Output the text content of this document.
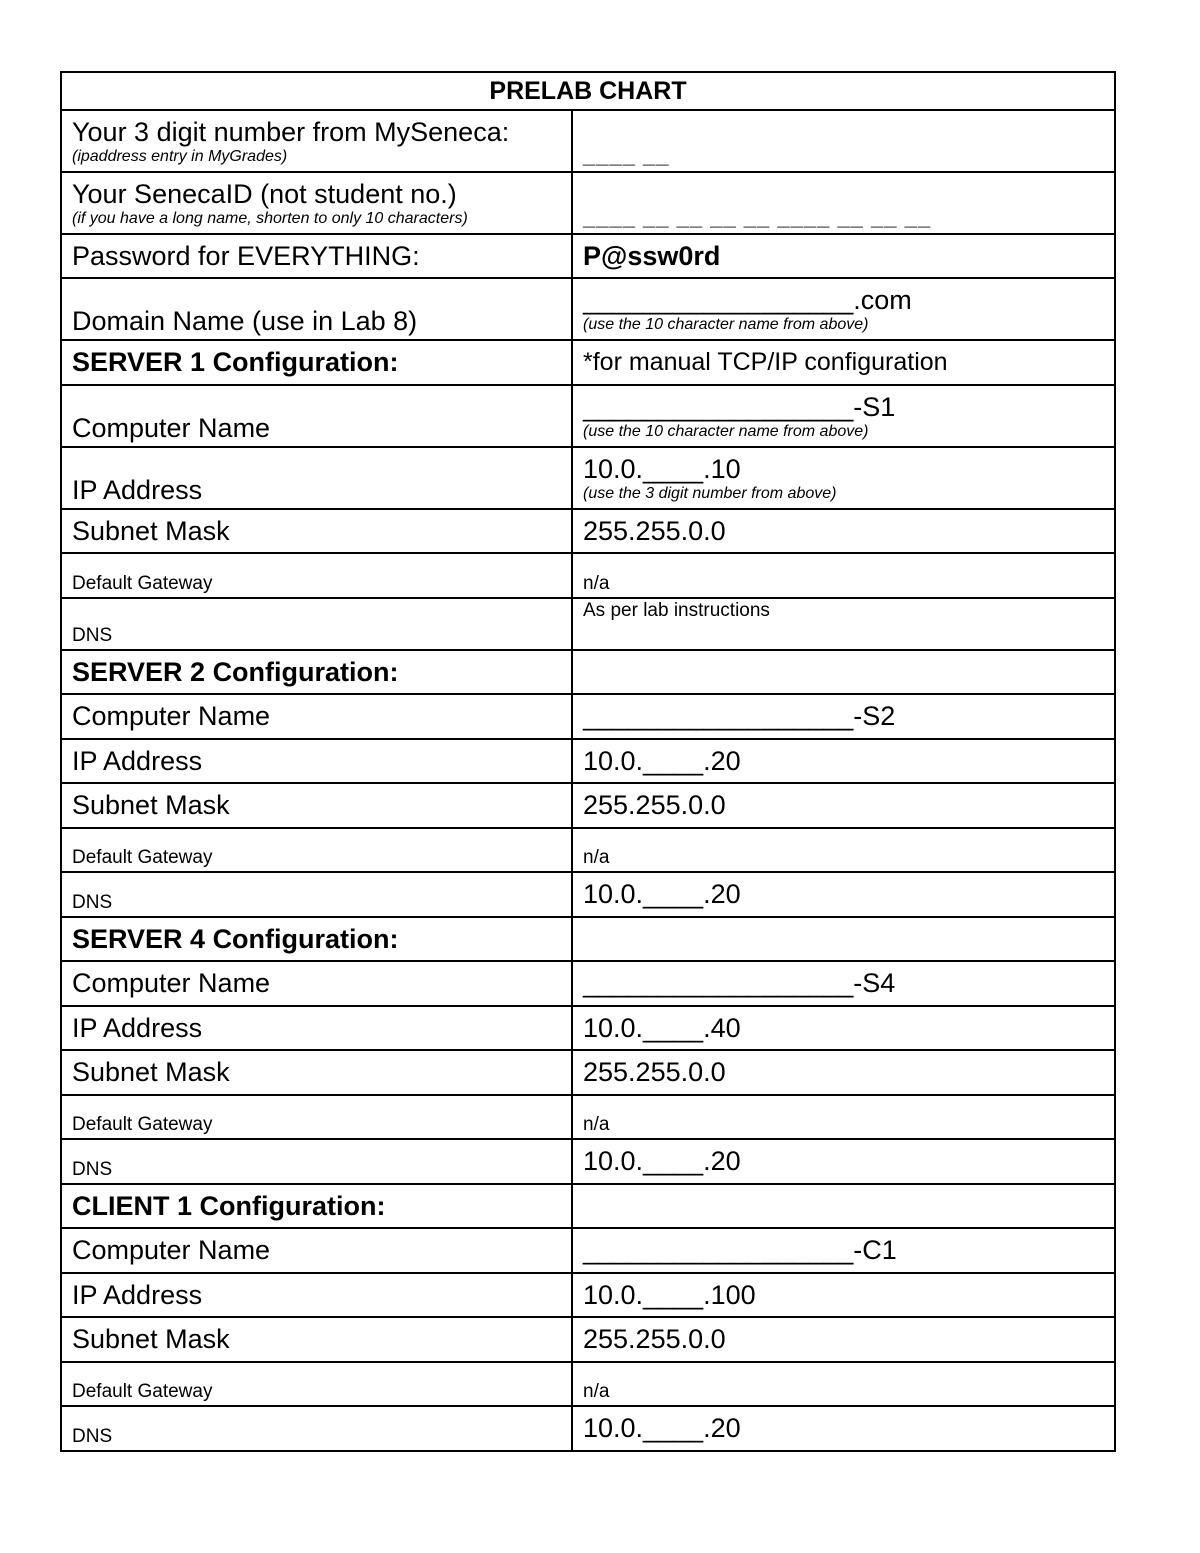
PRELAB CHART	

Your 3 digit number from MySeneca:
(ipaddress entry in MyGrades)	____ __

Your SenecaID (not student no.)
(if you have a long name, shorten to only 10 characters)	____ __ __ __ __ ____ __ __ __

Password for EVERYTHING:	P@ssw0rd

Domain Name (use in Lab 8)	__________________.com
(use the 10 character name from above)

SERVER 1 Configuration:	*for manual TCP/IP configuration

Computer Name	__________________-S1
(use the 10 character name from above)

IP Address	10.0.____.10
(use the 3 digit number from above)

Subnet Mask	255.255.0.0

Default Gateway	n/a

DNS	As per lab instructions

SERVER 2 Configuration:	

Computer Name	__________________-S2

IP Address	10.0.____.20

Subnet Mask	255.255.0.0

Default Gateway	n/a

DNS	10.0.____.20

SERVER 4 Configuration:	

Computer Name	__________________-S4

IP Address	10.0.____.40

Subnet Mask	255.255.0.0

Default Gateway	n/a

DNS	10.0.____.20

CLIENT 1 Configuration:	

Computer Name	__________________-C1

IP Address	10.0.____.100

Subnet Mask	255.255.0.0

Default Gateway	n/a

DNS	10.0.____.20
